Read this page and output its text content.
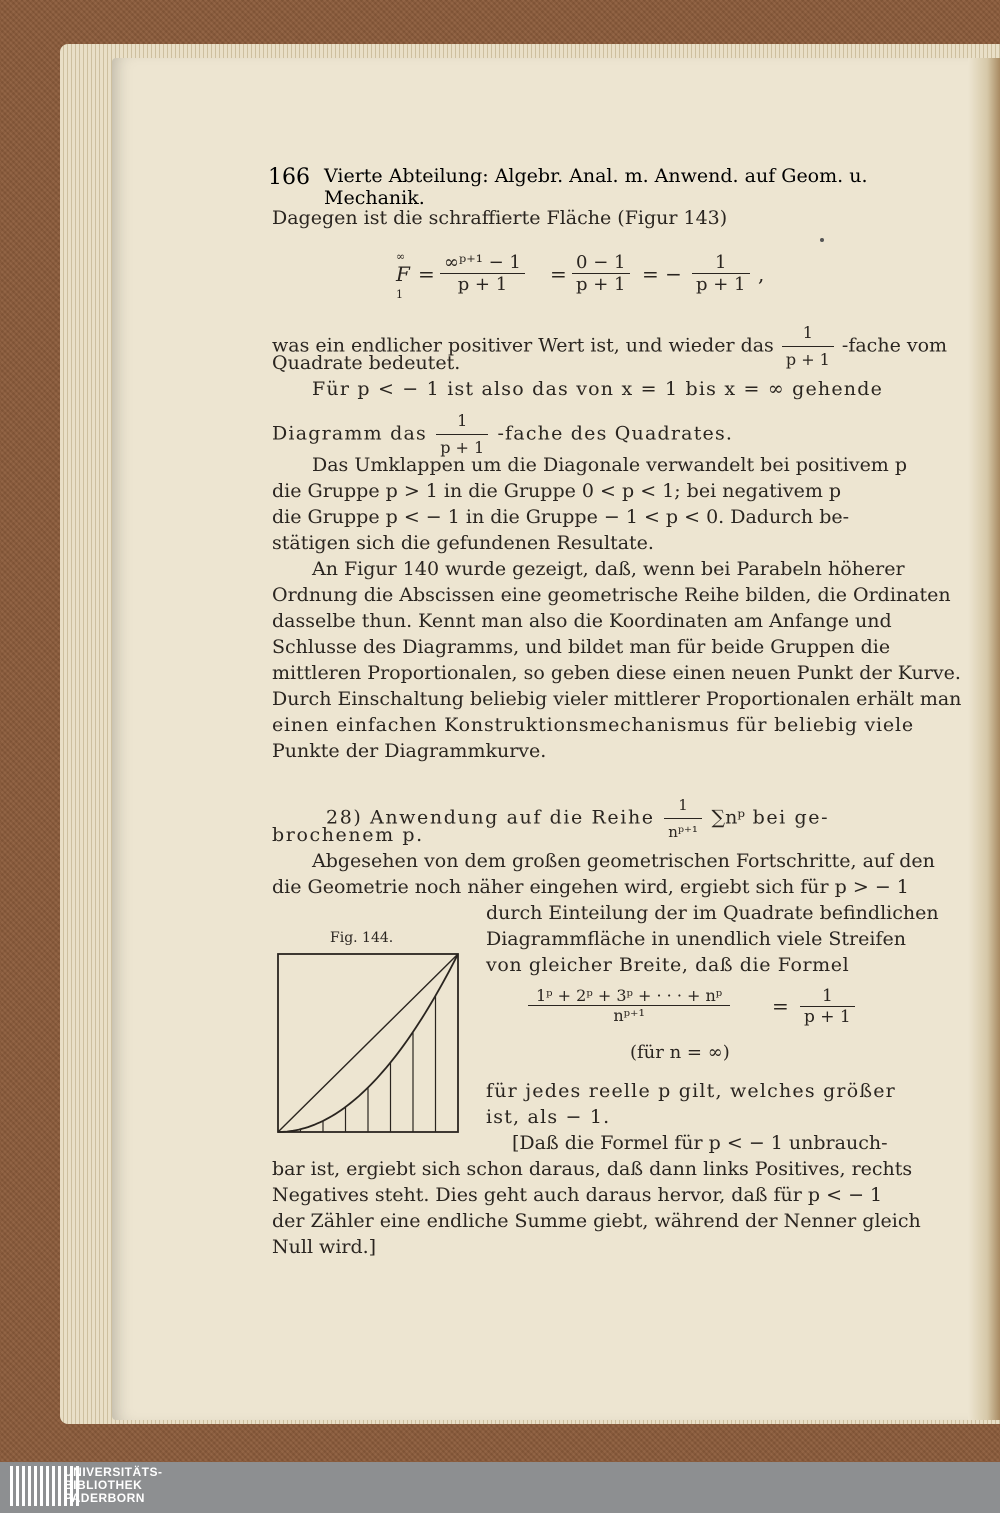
166 Vierte Abteilung: Algebr. Anal. m. Anwend. auf Geom. u. Mechanik.
Dagegen ist die schraffierte Fläche (Figur 143)
∞
F
1
= $\frac{\text{∞ᵖ⁺¹ − 1}}{p + 1} = \frac{0 - 1}{p + 1}$ = − $\frac{1}{p + 1}$ ,
was ein endlicher positiver Wert ist, und wieder das $\frac{1}{p + 1}$ -fache vom
Quadrate bedeutet.
Für p < − 1 ist also das von x = 1 bis x = ∞ gehende
Diagramm das $\frac{1}{p + 1}$ -fache des Quadrates.
Das Umklappen um die Diagonale verwandelt bei positivem p
die Gruppe p > 1 in die Gruppe 0 < p < 1; bei negativem p
die Gruppe p < − 1 in die Gruppe − 1 < p < 0. Dadurch be-
stätigen sich die gefundenen Resultate.
An Figur 140 wurde gezeigt, daß, wenn bei Parabeln höherer
Ordnung die Abscissen eine geometrische Reihe bilden, die Ordinaten
dasselbe thun. Kennt man also die Koordinaten am Anfange und
Schlusse des Diagramms, und bildet man für beide Gruppen die
mittleren Proportionalen, so geben diese einen neuen Punkt der Kurve.
Durch Einschaltung beliebig vieler mittlerer Proportionalen erhält man
einen einfachen Konstruktionsmechanismus für beliebig viele
Punkte der Diagrammkurve.
28) Anwendung auf die Reihe $\frac{1}{\text{nᵖ⁺¹}}$ ∑nᵖ bei ge-
brochenem p.
Abgesehen von dem großen geometrischen Fortschritte, auf den
die Geometrie noch näher eingehen wird, ergiebt sich für p > − 1
durch Einteilung der im Quadrate befindlichen
Diagrammfläche in unendlich viele Streifen
von gleicher Breite, daß die Formel
Fig. 144.
$\frac{\text{1ᵖ + 2ᵖ + 3ᵖ + · · · + nᵖ}}{\text{nᵖ⁺¹}} = \frac{1}{p + 1}$
(für n = ∞)
für jedes reelle p gilt, welches größer
ist, als − 1.
[Daß die Formel für p < − 1 unbrauch-
bar ist, ergiebt sich schon daraus, daß dann links Positives, rechts
Negatives steht. Dies geht auch daraus hervor, daß für p < − 1
der Zähler eine endliche Summe giebt, während der Nenner gleich
Null wird.]
UNIVERSITÄTS-
BIBLIOTHEK
PADERBORN
